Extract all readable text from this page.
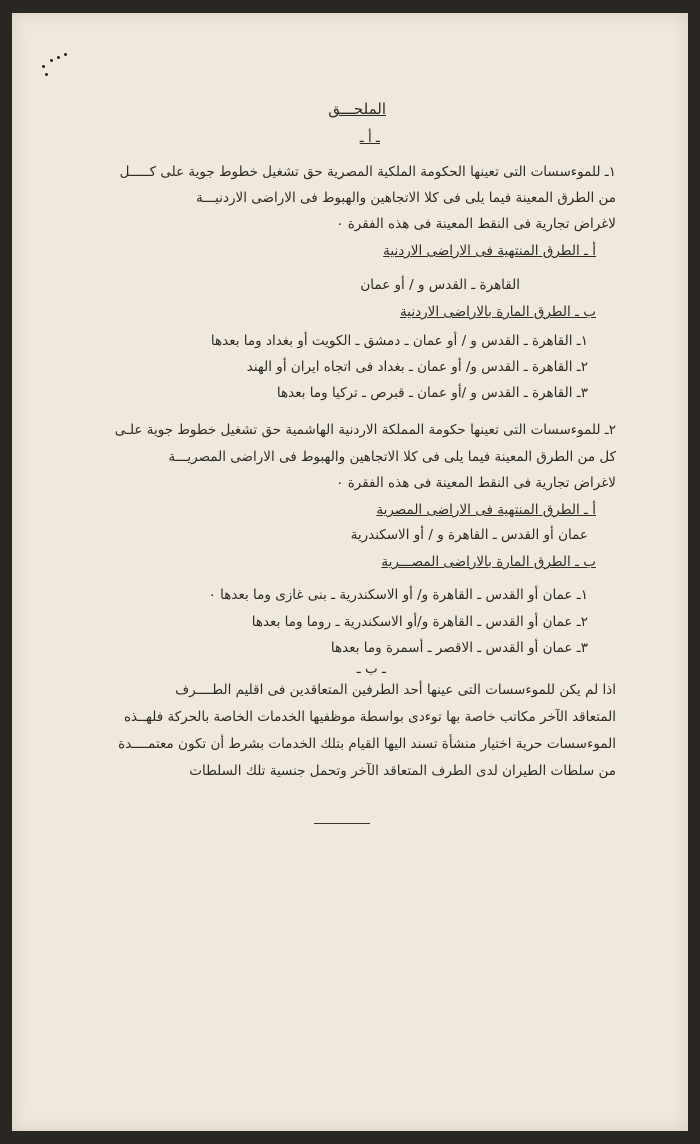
الملحـــق
ـ أ ـ
١ـ للموءسسات التى تعينها الحكومة الملكية المصرية حق تشغيل خطوط جوية على كـــــل
من الطرق المعينة فيما يلى فى كلا الاتجاهين والهبوط فى الاراضى الاردنيـــة
لاغراض تجارية فى النقط المعينة فى هذه الفقرة ٠
أ ـ الطرق المنتهية فى الاراضى الاردنية
القاهرة ـ القدس و / أو عمان
ب ـ الطرق المارة بالاراضى الاردنية
١ـ القاهرة ـ القدس و / أو عمان ـ دمشق ـ الكويت أو بغداد وما بعدها
٢ـ القاهرة ـ القدس و/ أو عمان ـ بغداد فى اتجاه ايران أو الهند
٣ـ القاهرة ـ القدس و /أو عمان ـ قبرص ـ تركيا وما بعدها
٢ـ للموءسسات التى تعينها حكومة المملكة الاردنية الهاشمية حق تشغيل خطوط جوية علـى
كل من الطرق المعينة فيما يلى فى كلا الاتجاهين والهبوط فى الاراضى المصريـــة
لاغراض تجارية فى النقط المعينة فى هذه الفقرة ٠
أ ـ الطرق المنتهية فى الاراضى المصرية
عمان أو القدس ـ القاهرة و / أو الاسكندرية
ب ـ الطرق المارة بالاراضى المصـــرية
١ـ عمان أو القدس ـ القاهرة و/ أو الاسكندرية ـ بنى غازى وما بعدها ٠
٢ـ عمان أو القدس ـ القاهرة و/أو الاسكندرية ـ روما وما بعدها
٣ـ عمان أو القدس ـ الاقصر ـ أسمرة وما بعدها
ـ ب ـ
اذا لم يكن للموءسسات التى عينها أحد الطرفين المتعاقدين فى اقليم الطــــرف
المتعاقد الآخر مكاتب خاصة بها توءدى بواسطة موظفيها الخدمات الخاصة بالحركة فلهــذه
الموءسسات حرية اختيار منشأة تسند اليها القيام بتلك الخدمات بشرط أن تكون معتمــــدة
من سلطات الطيران لدى الطرف المتعاقد الآخر وتحمل جنسية تلك السلطات
